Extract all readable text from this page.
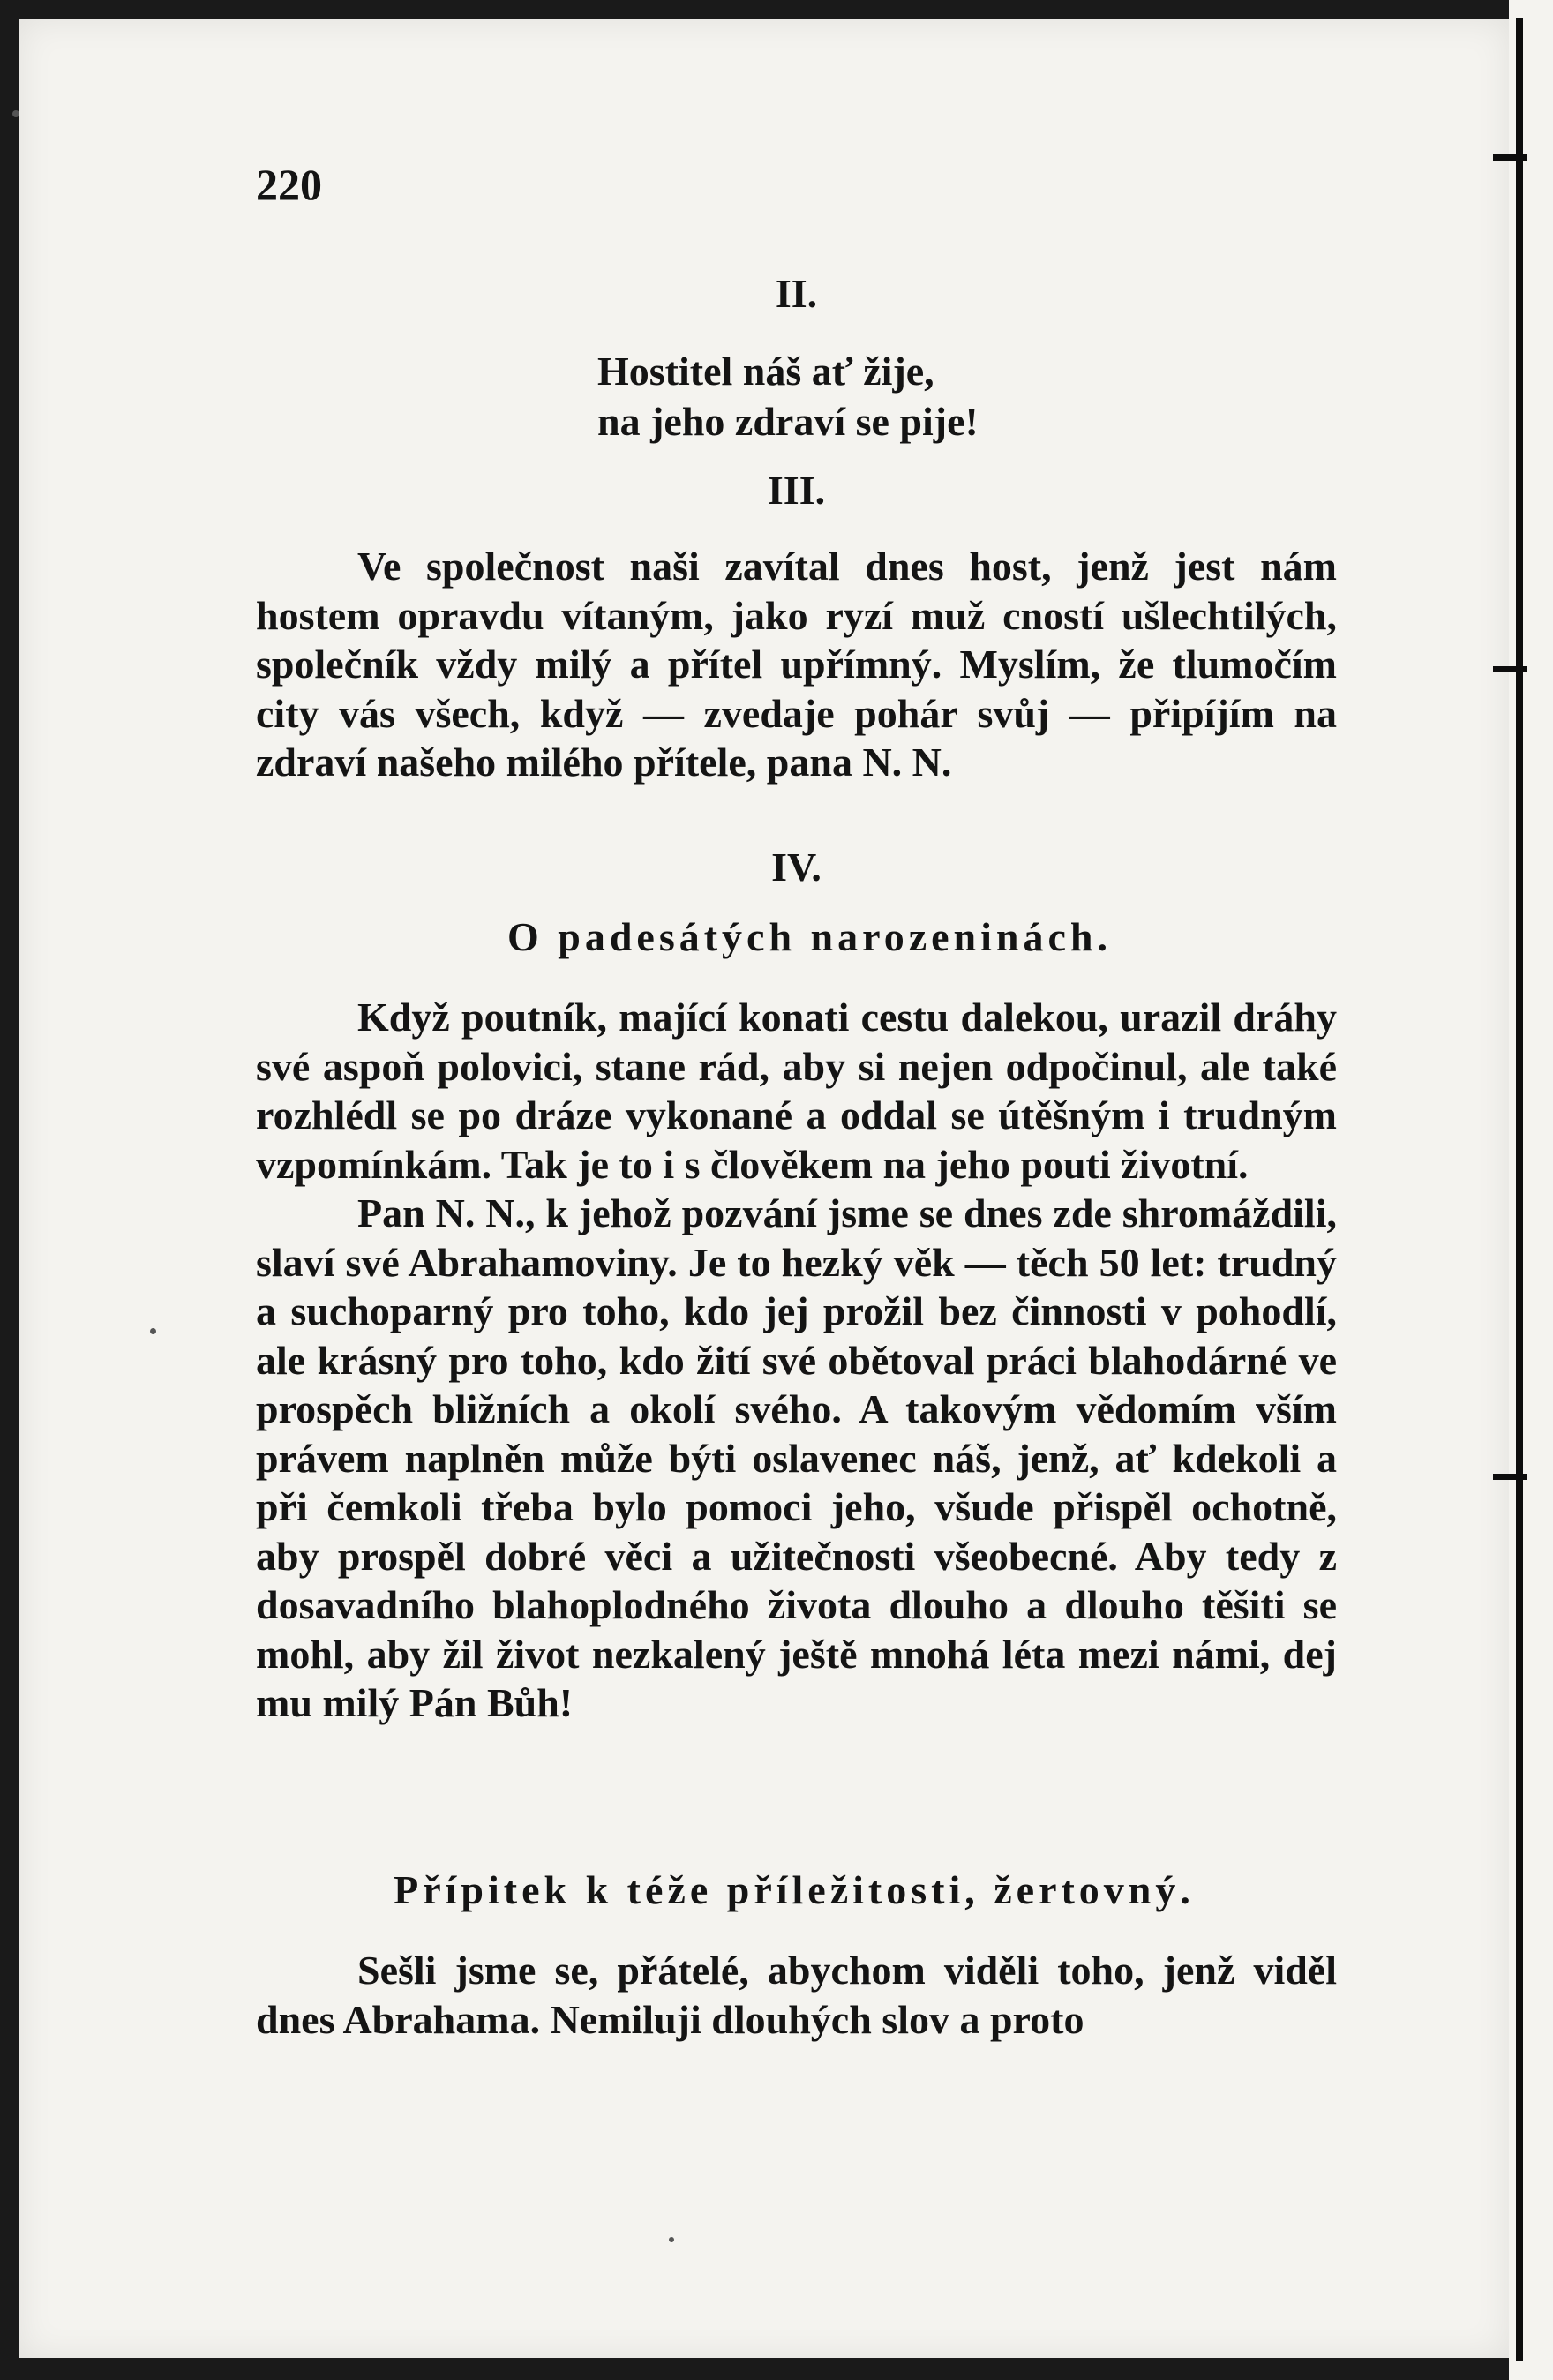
220
II.
Hostitel náš ať žije,
na jeho zdraví se pije!
III.

Ve společnost naši zavítal dnes host, jenž jest nám hostem opravdu vítaným, jako ryzí muž cností ušlechtilých, společník vždy milý a přítel upřímný. Myslím, že tlumočím city vás všech, když — zvedaje pohár svůj — připíjím na zdraví našeho milého přítele, pana N. N.

IV.
O padesátých narozeninách.

Když poutník, mající konati cestu dalekou, urazil dráhy své aspoň polovici, stane rád, aby si nejen odpočinul, ale také rozhlédl se po dráze vykonané a oddal se útěšným i trudným vzpomínkám. Tak je to i s člověkem na jeho pouti životní.

Pan N. N., k jehož pozvání jsme se dnes zde shromáždili, slaví své Abrahamoviny. Je to hezký věk — těch 50 let: trudný a suchoparný pro toho, kdo jej prožil bez činnosti v pohodlí, ale krásný pro toho, kdo žití své obětoval práci blahodárné ve prospěch bližních a okolí svého. A takovým vědomím vším právem naplněn může býti oslavenec náš, jenž, ať kdekoli a při čemkoli třeba bylo pomoci jeho, všude přispěl ochotně, aby prospěl dobré věci a užitečnosti všeobecné. Aby tedy z dosavadního blahoplodného života dlouho a dlouho těšiti se mohl, aby žil život nezkalený ještě mnohá léta mezi námi, dej mu milý Pán Bůh!

Přípitek k téže příležitosti, žertovný.

Sešli jsme se, přátelé, abychom viděli toho, jenž viděl dnes Abrahama. Nemiluji dlouhých slov a proto
